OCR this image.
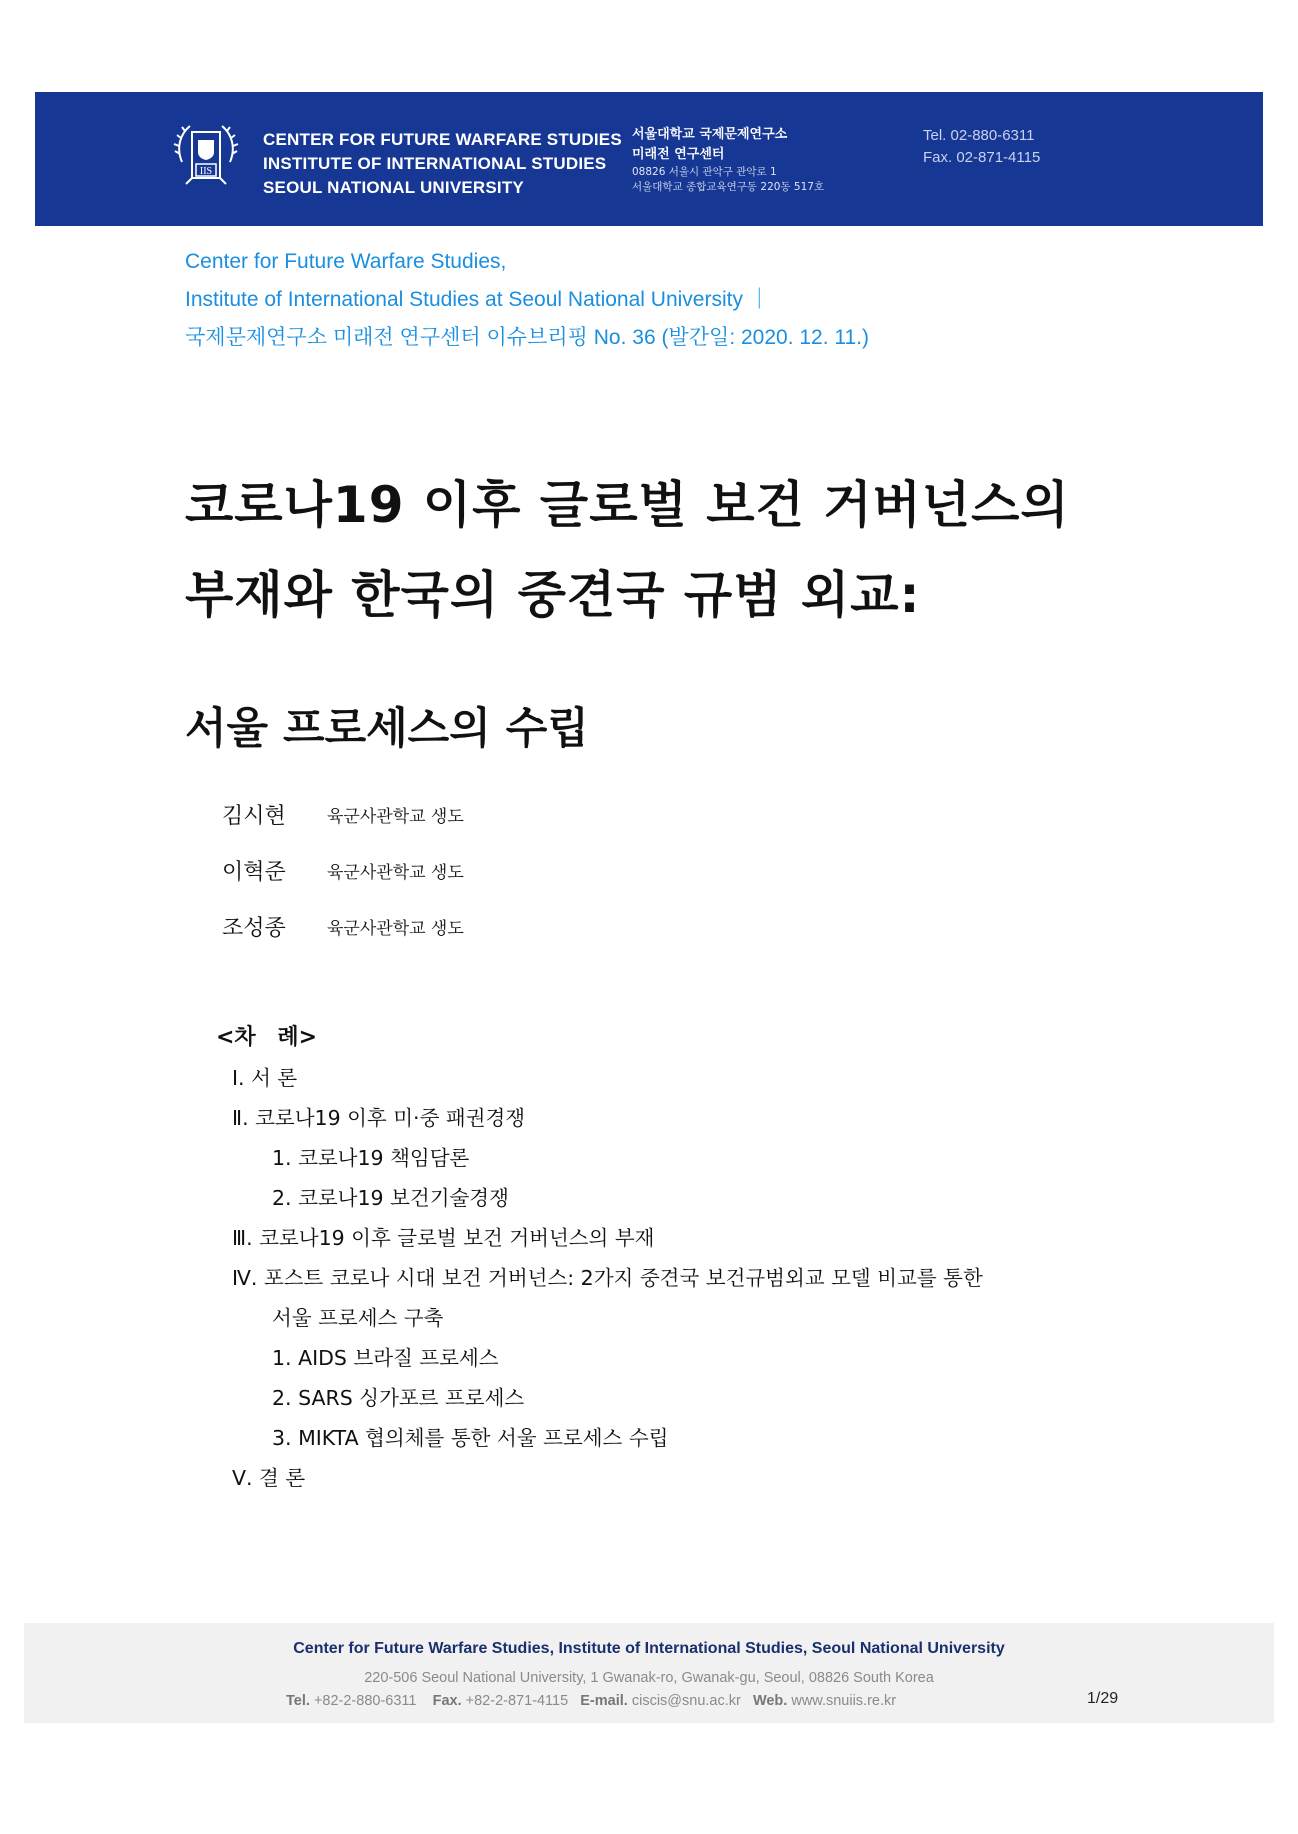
IIS
CENTER FOR FUTURE WARFARE STUDIES
INSTITUTE OF INTERNATIONAL STUDIES
SEOUL NATIONAL UNIVERSITY
서울대학교 국제문제연구소
미래전 연구센터
08826 서울시 관악구 관악로 1
서울대학교 종합교육연구동 220동 517호
Tel. 02-880-6311
Fax. 02-871-4115
Center for Future Warfare Studies,
Institute of International Studies at Seoul National University ｜
국제문제연구소 미래전 연구센터 이슈브리핑 No. 36 (발간일: 2020. 12. 11.)
코로나19 이후 글로벌 보건 거버넌스의
부재와 한국의 중견국 규범 외교:
서울 프로세스의 수립
김시현	육군사관학교 생도
이혁준	육군사관학교 생도
조성종	육군사관학교 생도
<차 례>
Ⅰ. 서 론
Ⅱ. 코로나19 이후 미·중 패권경쟁
1. 코로나19 책임담론
2. 코로나19 보건기술경쟁
Ⅲ. 코로나19 이후 글로벌 보건 거버넌스의 부재
Ⅳ. 포스트 코로나 시대 보건 거버넌스: 2가지 중견국 보건규범외교 모델 비교를 통한
서울 프로세스 구축
1. AIDS 브라질 프로세스
2. SARS 싱가포르 프로세스
3. MIKTA 협의체를 통한 서울 프로세스 수립
Ⅴ. 결 론
Center for Future Warfare Studies, Institute of International Studies, Seoul National University
220-506 Seoul National University, 1 Gwanak-ro, Gwanak-gu, Seoul, 08826 South Korea
Tel. +82-2-880-6311 Fax. +82-2-871-4115 E-mail. ciscis@snu.ac.kr Web. www.snuiis.re.kr	1/29
